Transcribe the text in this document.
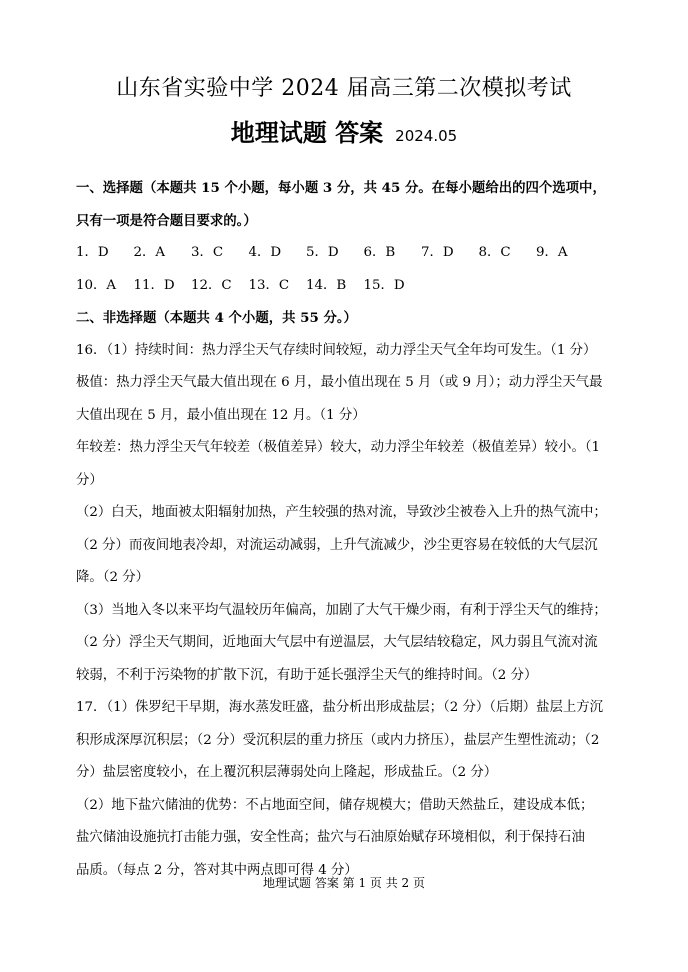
山东省实验中学 2024 届高三第二次模拟考试
地理试题 答案 2024.05

一、选择题（本题共 15 个小题，每小题 3 分，共 45 分。在每小题给出的四个选项中，

只有一项是符合题目要求的。）

1．D	2．A	3．C	4．D	5．D	6．B	7．D	8．C	9．A
10．A	11．D	12．C	13．C	14．B	15．D

二、非选择题（本题共 4 个小题，共 55 分。）

16．（1）持续时间：热力浮尘天气存续时间较短，动力浮尘天气全年均可发生。（1 分）

极值：热力浮尘天气最大值出现在 6 月，最小值出现在 5 月（或 9 月）；动力浮尘天气最

大值出现在 5 月，最小值出现在 12 月。（1 分）

年较差：热力浮尘天气年较差（极值差异）较大，动力浮尘年较差（极值差异）较小。（1 分）

（2）白天，地面被太阳辐射加热，产生较强的热对流，导致沙尘被卷入上升的热气流中；

（2 分）而夜间地表冷却，对流运动减弱，上升气流减少，沙尘更容易在较低的大气层沉

降。（2 分）

（3）当地入冬以来平均气温较历年偏高，加剧了大气干燥少雨，有利于浮尘天气的维持；

（2 分）浮尘天气期间，近地面大气层中有逆温层，大气层结较稳定，风力弱且气流对流

较弱，不利于污染物的扩散下沉，有助于延长强浮尘天气的维持时间。（2 分）

17．（1）侏罗纪干早期，海水蒸发旺盛，盐分析出形成盐层；（2 分）（后期）盐层上方沉

积形成深厚沉积层；（2 分）受沉积层的重力挤压（或内力挤压），盐层产生塑性流动；（2

分）盐层密度较小，在上覆沉积层薄弱处向上隆起，形成盐丘。（2 分）

（2）地下盐穴储油的优势：不占地面空间，储存规模大；借助天然盐丘，建设成本低；

盐穴储油设施抗打击能力强，安全性高；盐穴与石油原始赋存环境相似，利于保持石油

品质。（每点 2 分，答对其中两点即可得 4 分）

地理试题 答案 第 1 页 共 2 页
